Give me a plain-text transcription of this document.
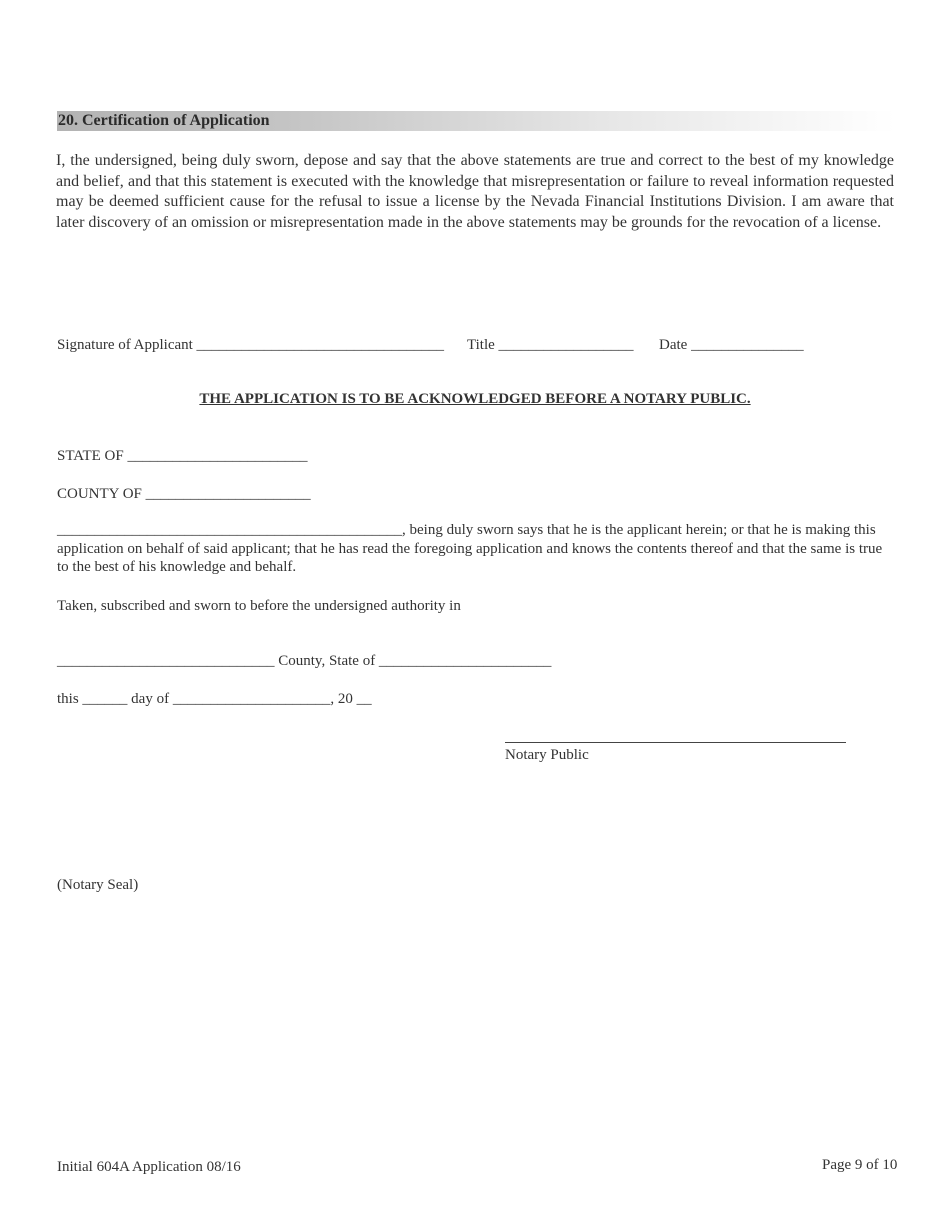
20. Certification of Application
I, the undersigned, being duly sworn, depose and say that the above statements are true and correct to the best of my knowledge and belief, and that this statement is executed with the knowledge that misrepresentation or failure to reveal information requested may be deemed sufficient cause for the refusal to issue a license by the Nevada Financial Institutions Division. I am aware that later discovery of an omission or misrepresentation made in the above statements may be grounds for the revocation of a license.
Signature of Applicant _________________________________ Title __________________ Date _______________
THE APPLICATION IS TO BE ACKNOWLEDGED BEFORE A NOTARY PUBLIC.
STATE OF ________________________
COUNTY OF ______________________
______________________________________________, being duly sworn says that he is the applicant herein; or that he is making this application on behalf of said applicant; that he has read the foregoing application and knows the contents thereof and that the same is true to the best of his knowledge and behalf.
Taken, subscribed and sworn to before the undersigned authority in
_____________________________ County, State of _______________________
this ______ day of _____________________, 20 __
Notary Public
(Notary Seal)
Initial 604A Application 08/16	Page 9 of 10
